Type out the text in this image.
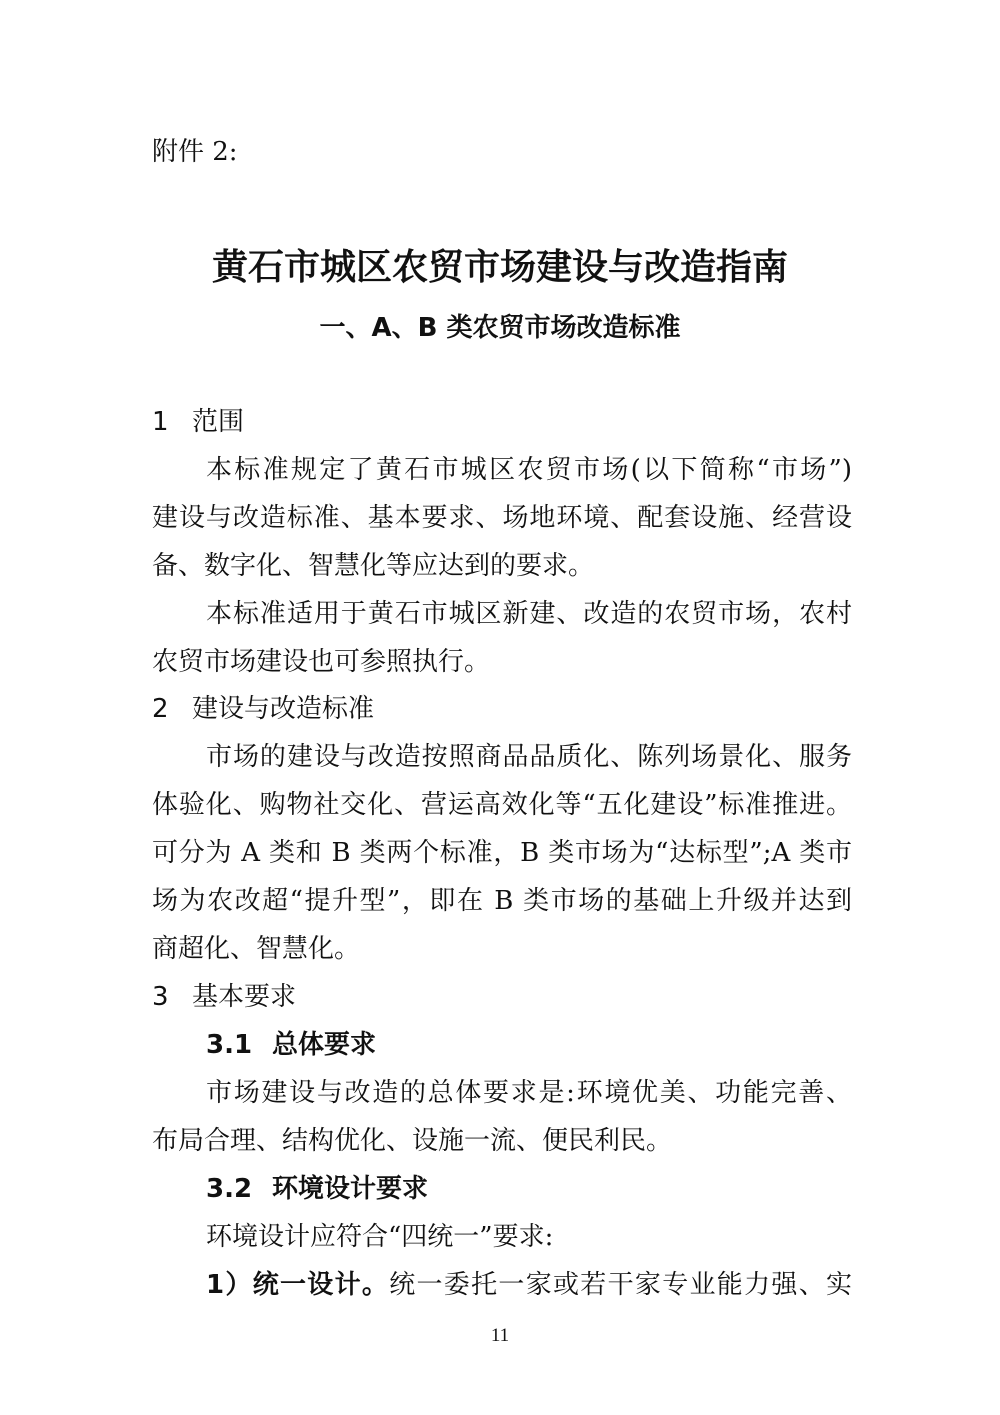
附件 2:
黄石市城区农贸市场建设与改造指南
一、A、B 类农贸市场改造标准
1 范围
本标准规定了黄石市城区农贸市场(以下简称“市场”)
建设与改造标准、基本要求、场地环境、配套设施、经营设
备、数字化、智慧化等应达到的要求。
本标准适用于黄石市城区新建、改造的农贸市场，农村
农贸市场建设也可参照执行。
2 建设与改造标准
市场的建设与改造按照商品品质化、陈列场景化、服务
体验化、购物社交化、营运高效化等“五化建设”标准推进。
可分为 A 类和 B 类两个标准，B 类市场为“达标型”;A 类市
场为农改超“提升型”，即在 B 类市场的基础上升级并达到
商超化、智慧化。
3 基本要求
3.1 总体要求
市场建设与改造的总体要求是:环境优美、功能完善、
布局合理、结构优化、设施一流、便民利民。
3.2 环境设计要求
环境设计应符合“四统一”要求:
1）统一设计。统一委托一家或若干家专业能力强、实
11
